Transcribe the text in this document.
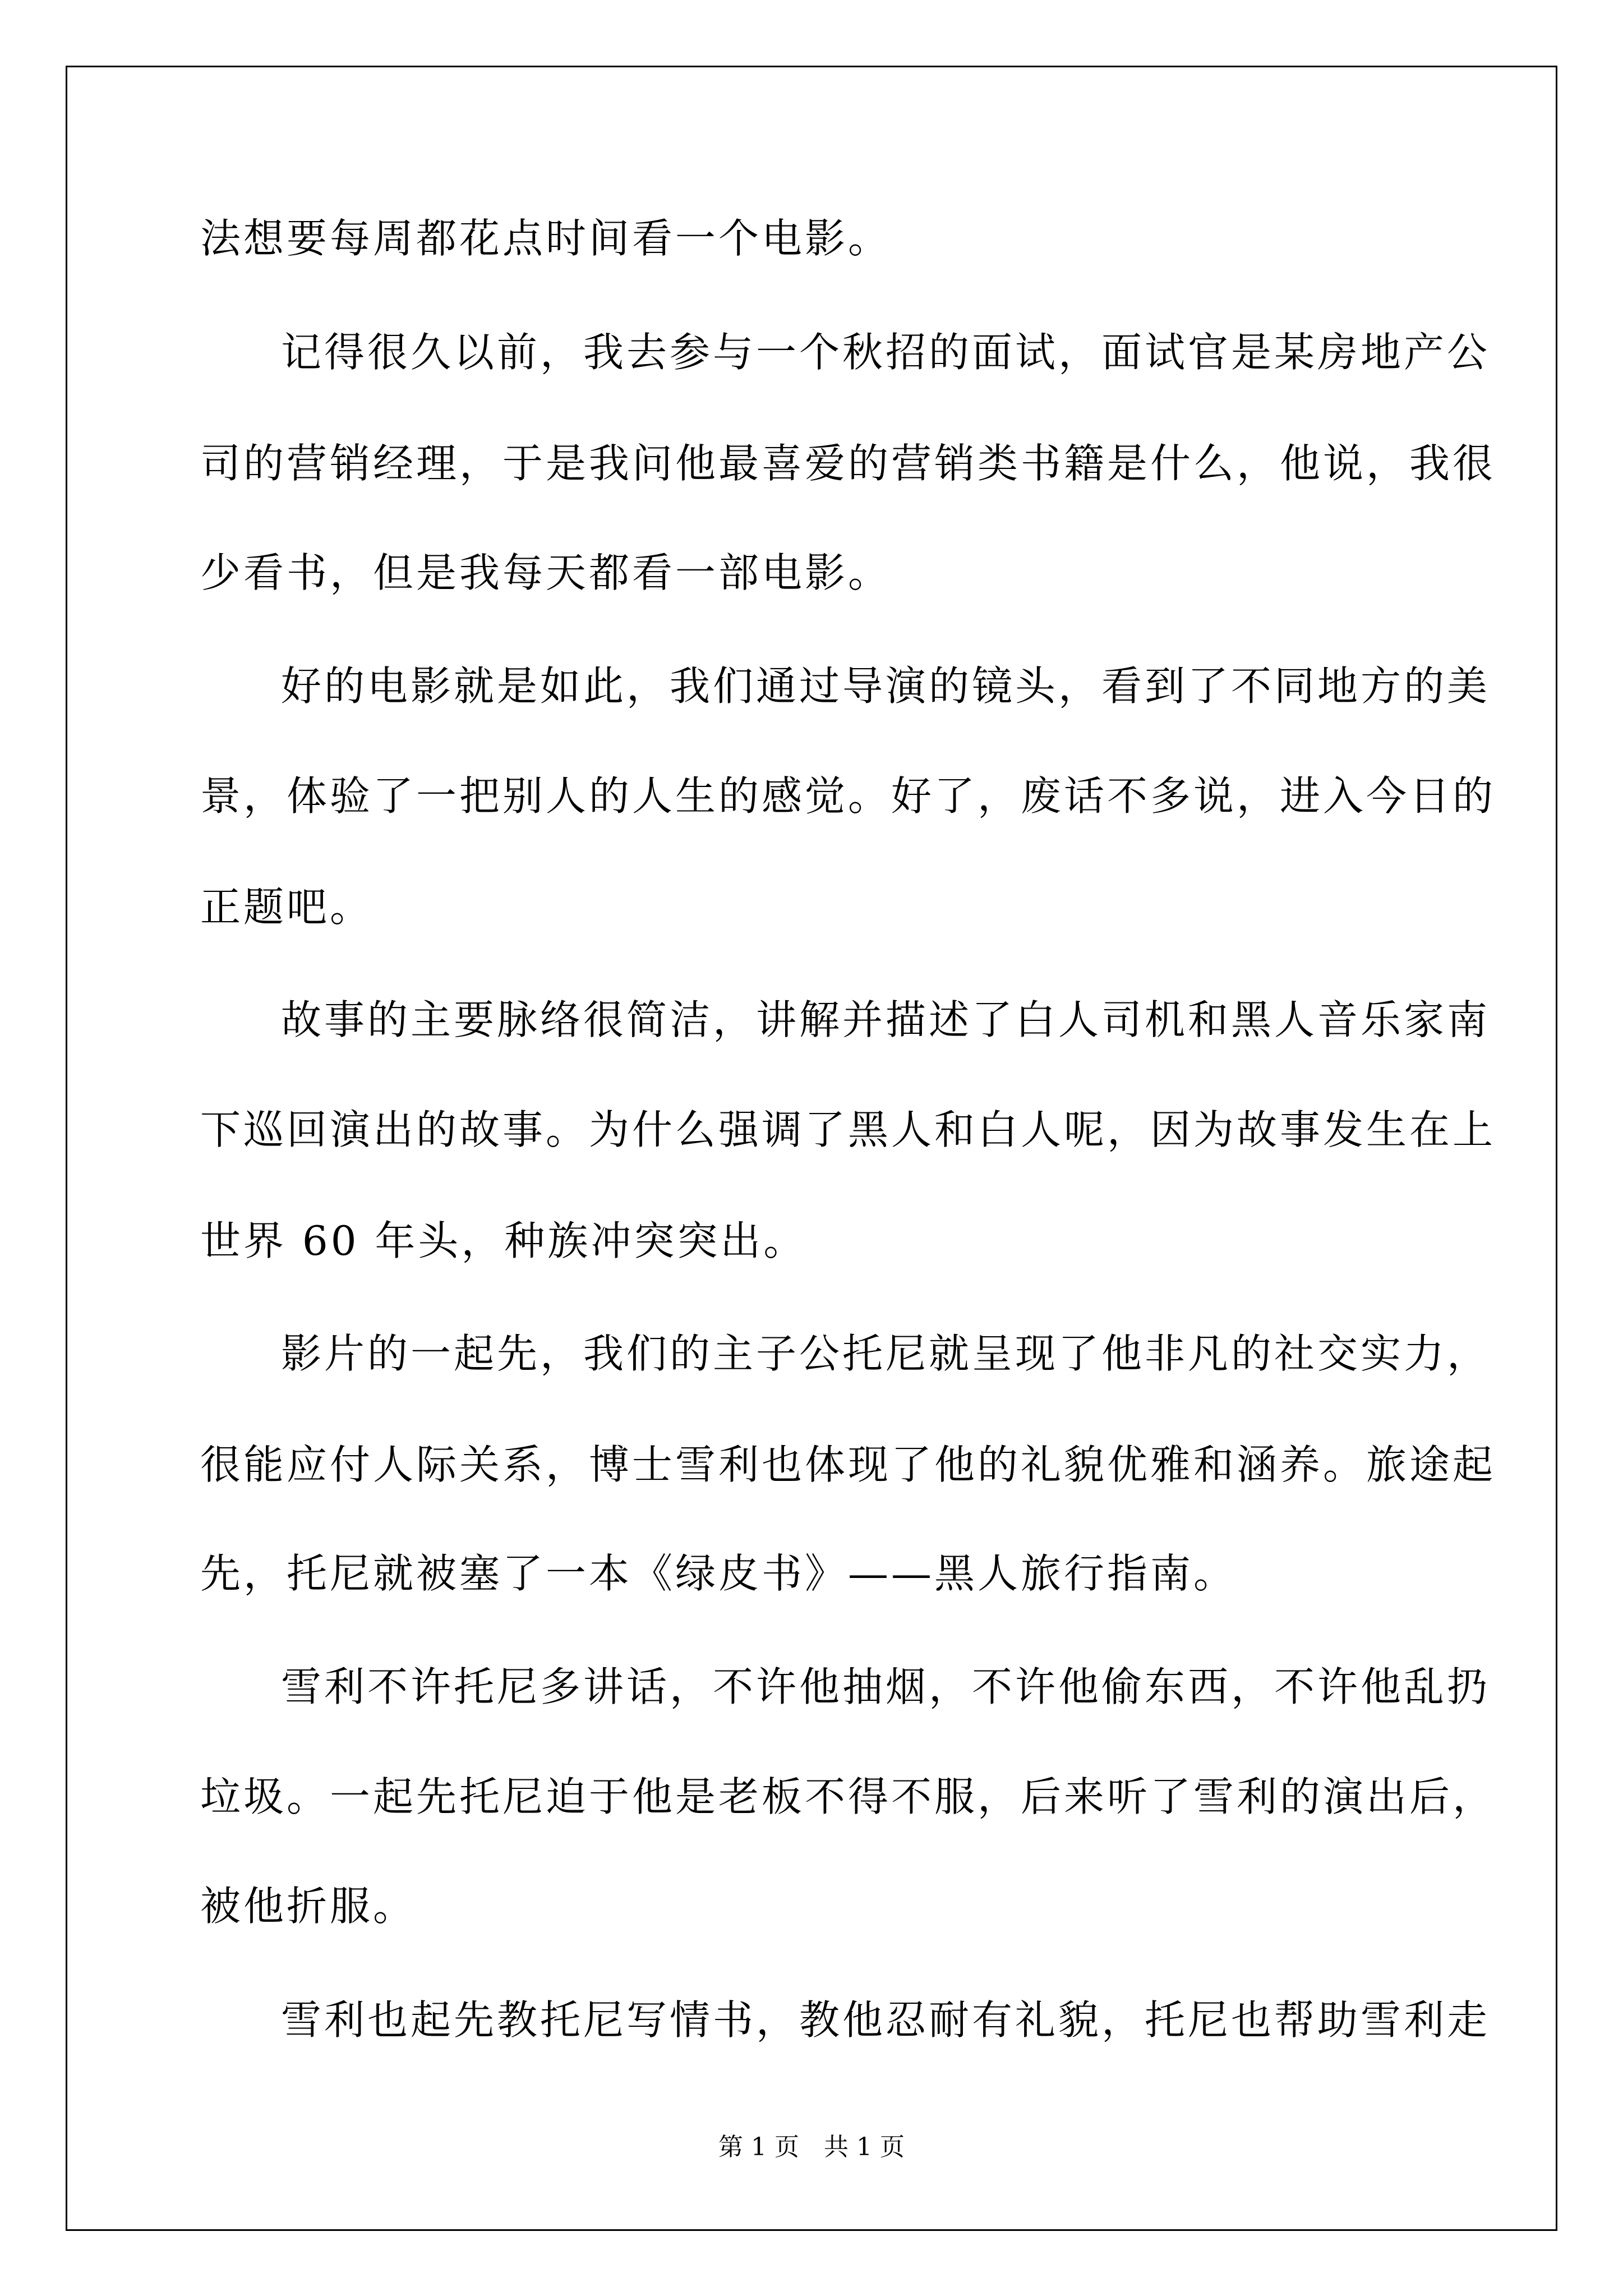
法想要每周都花点时间看一个电影。
记得很久以前，我去参与一个秋招的面试，面试官是某房地产公
司的营销经理，于是我问他最喜爱的营销类书籍是什么，他说，我很
少看书，但是我每天都看一部电影。
好的电影就是如此，我们通过导演的镜头，看到了不同地方的美
景，体验了一把别人的人生的感觉。好了，废话不多说，进入今日的
正题吧。
故事的主要脉络很简洁，讲解并描述了白人司机和黑人音乐家南
下巡回演出的故事。为什么强调了黑人和白人呢，因为故事发生在上
世界 60 年头，种族冲突突出。
影片的一起先，我们的主子公托尼就呈现了他非凡的社交实力，
很能应付人际关系，博士雪利也体现了他的礼貌优雅和涵养。旅途起
先，托尼就被塞了一本《绿皮书》——黑人旅行指南。
雪利不许托尼多讲话，不许他抽烟，不许他偷东西，不许他乱扔
垃圾。一起先托尼迫于他是老板不得不服，后来听了雪利的演出后，
被他折服。
雪利也起先教托尼写情书，教他忍耐有礼貌，托尼也帮助雪利走
第 1 页　共 1 页
